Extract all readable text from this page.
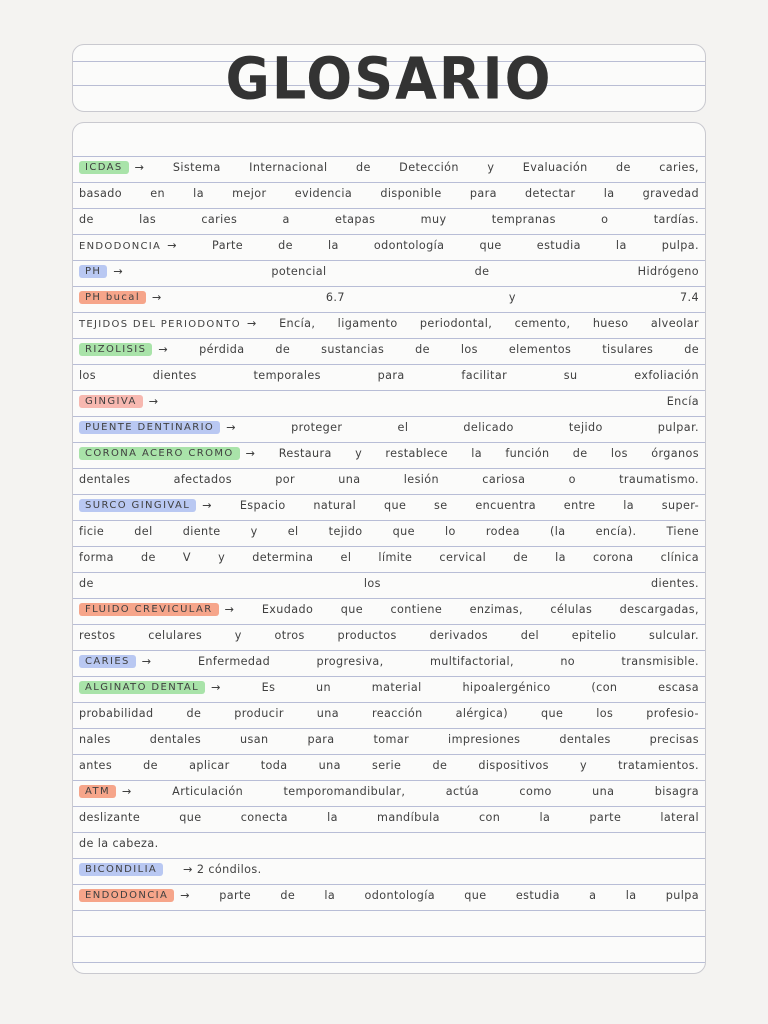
GLOSARIO
ICDAS	→ Sistema Internacional de Detección y Evaluación de caries,
basado en la mejor evidencia disponible para detectar la gravedad
de las caries a etapas muy tempranas o tardías.
ENDODONCIA → Parte de la odontología que estudia la pulpa.
PH	→ potencial de Hidrógeno
PH bucal	→ 6.7 y 7.4
TEJIDOS DEL PERIODONTO → Encía, ligamento periodontal, cemento, hueso alveolar
RIZOLISIS	→ pérdida de sustancias de los elementos tisulares de
los dientes temporales para facilitar su exfoliación
GINGIVA	→ Encía
PUENTE DENTINARIO	→ proteger el delicado tejido pulpar.
CORONA ACERO CROMO	→ Restaura y restablece la función de los órganos
dentales afectados por una lesión cariosa o traumatismo.
SURCO GINGIVAL	→ Espacio natural que se encuentra entre la super-
ficie del diente y el tejido que lo rodea (la encía). Tiene
forma de V y determina el límite cervical de la corona clínica
de los dientes.
FLUIDO CREVICULAR	→ Exudado que contiene enzimas, células descargadas,
restos celulares y otros productos derivados del epitelio sulcular.
CARIES	→ Enfermedad progresiva, multifactorial, no transmisible.
ALGINATO DENTAL	→ Es un material hipoalergénico (con escasa
probabilidad de producir una reacción alérgica) que los profesio-
nales dentales usan para tomar impresiones dentales precisas
antes de aplicar toda una serie de dispositivos y tratamientos.
ATM	→ Articulación temporomandibular, actúa como una bisagra
deslizante que conecta la mandíbula con la parte lateral
de la cabeza.
BICONDILIA	→ 2 cóndilos.
ENDODONCIA	→ parte de la odontología que estudia a la pulpa
